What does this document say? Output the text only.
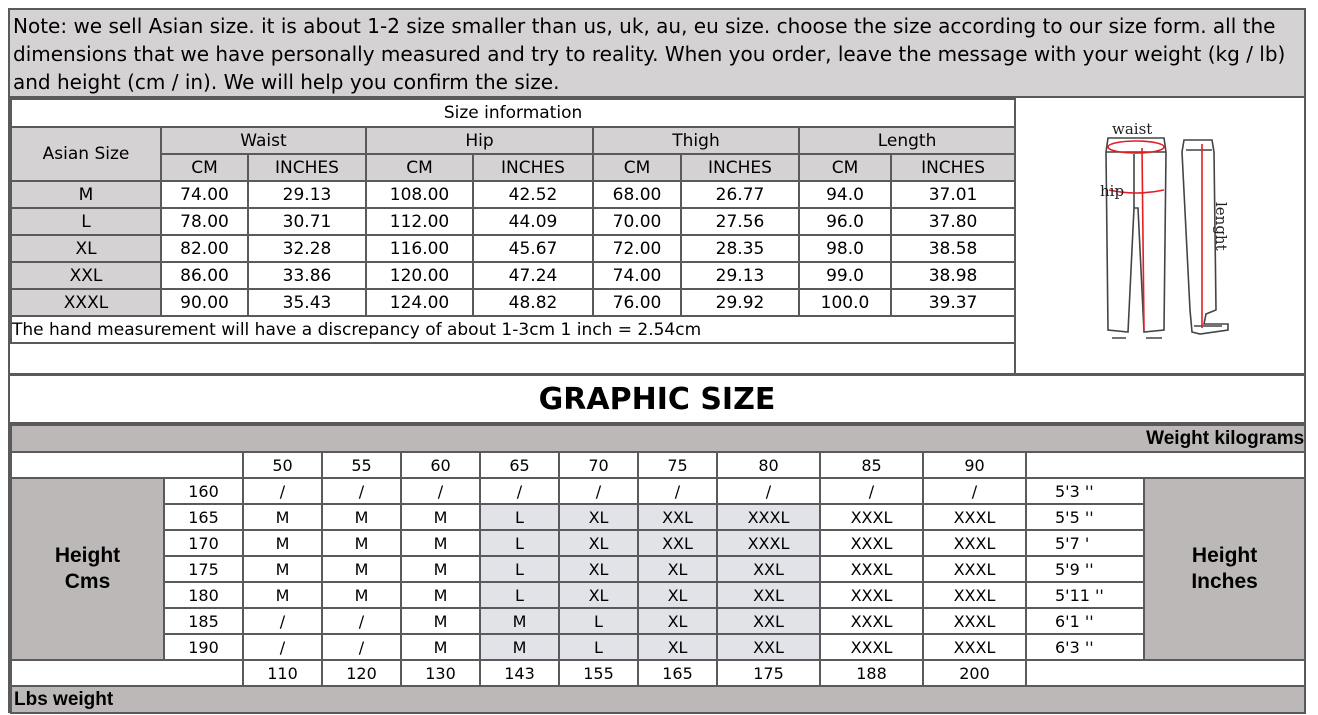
Note: we sell Asian size. it is about 1-2 size smaller than us, uk, au, eu size. choose the size according to our size form. all the dimensions that we have personally measured and try to reality. When you order, leave the message with your weight (kg / lb) and height (cm / in). We will help you confirm the size.
Size information								
Asian Size	Waist		Hip		Thigh		Length	
	CM	INCHES	CM	INCHES	CM	INCHES	CM	INCHES
M	74.00	29.13	108.00	42.52	68.00	26.77	94.0	37.01
L	78.00	30.71	112.00	44.09	70.00	27.56	96.0	37.80
XL	82.00	32.28	116.00	45.67	72.00	28.35	98.0	38.58
XXL	86.00	33.86	120.00	47.24	74.00	29.13	99.0	38.98
XXXL	90.00	35.43	124.00	48.82	76.00	29.92	100.0	39.37
The hand measurement will have a discrepancy of about 1-3cm 1 inch = 2.54cm								
waist
hip
lenght
GRAPHIC SIZE
Weight kilograms												
		50	55	60	65	70	75	80	85	90		
Height
Cms	160	/	/	/	/	/	/	/	/	/	5'3 ''	Height
Inches
	165	M	M	M	L	XL	XXL	XXXL	XXXL	XXXL	5'5 ''	
	170	M	M	M	L	XL	XXL	XXXL	XXXL	XXXL	5'7 '	
	175	M	M	M	L	XL	XL	XXL	XXXL	XXXL	5'9 ''	
	180	M	M	M	L	XL	XL	XXL	XXXL	XXXL	5'11 ''	
	185	/	/	M	M	L	XL	XXL	XXXL	XXXL	6'1 ''	
	190	/	/	M	M	L	XL	XXL	XXXL	XXXL	6'3 ''	
		110	120	130	143	155	165	175	188	200		
Lbs weight												
